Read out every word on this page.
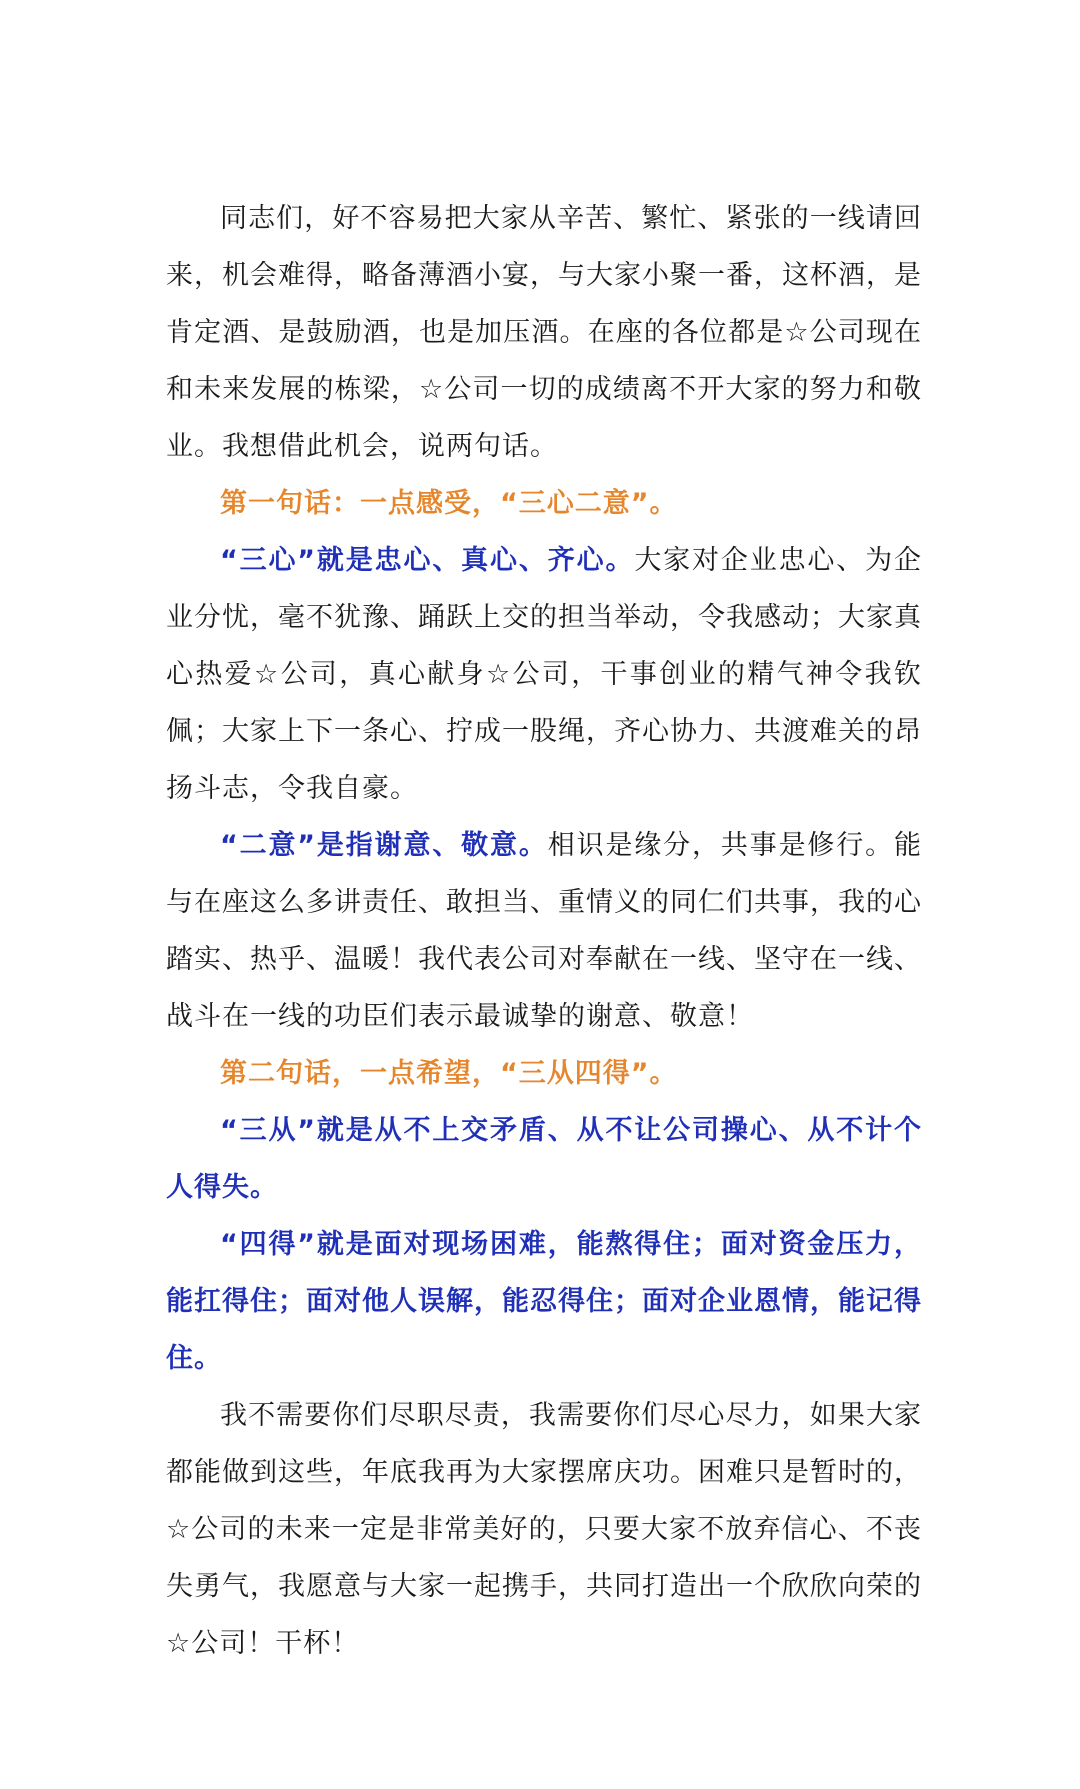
同志们，好不容易把大家从辛苦、繁忙、紧张的一线请回来，机会难得，略备薄酒小宴，与大家小聚一番，这杯酒，是肯定酒、是鼓励酒，也是加压酒。在座的各位都是☆公司现在和未来发展的栋梁，☆公司一切的成绩离不开大家的努力和敬业。我想借此机会，说两句话。

第一句话：一点感受，“三心二意”。

“三心”就是忠心、真心、齐心。大家对企业忠心、为企业分忧，毫不犹豫、踊跃上交的担当举动，令我感动；大家真心热爱☆公司，真心献身☆公司，干事创业的精气神令我钦佩；大家上下一条心、拧成一股绳，齐心协力、共渡难关的昂扬斗志，令我自豪。

“二意”是指谢意、敬意。相识是缘分，共事是修行。能与在座这么多讲责任、敢担当、重情义的同仁们共事，我的心踏实、热乎、温暖！我代表公司对奉献在一线、坚守在一线、战斗在一线的功臣们表示最诚挚的谢意、敬意！

第二句话，一点希望，“三从四得”。

“三从”就是从不上交矛盾、从不让公司操心、从不计个人得失。

“四得”就是面对现场困难，能熬得住；面对资金压力，能扛得住；面对他人误解，能忍得住；面对企业恩情，能记得住。

我不需要你们尽职尽责，我需要你们尽心尽力，如果大家都能做到这些，年底我再为大家摆席庆功。困难只是暂时的，☆公司的未来一定是非常美好的，只要大家不放弃信心、不丧失勇气，我愿意与大家一起携手，共同打造出一个欣欣向荣的☆公司！干杯！
